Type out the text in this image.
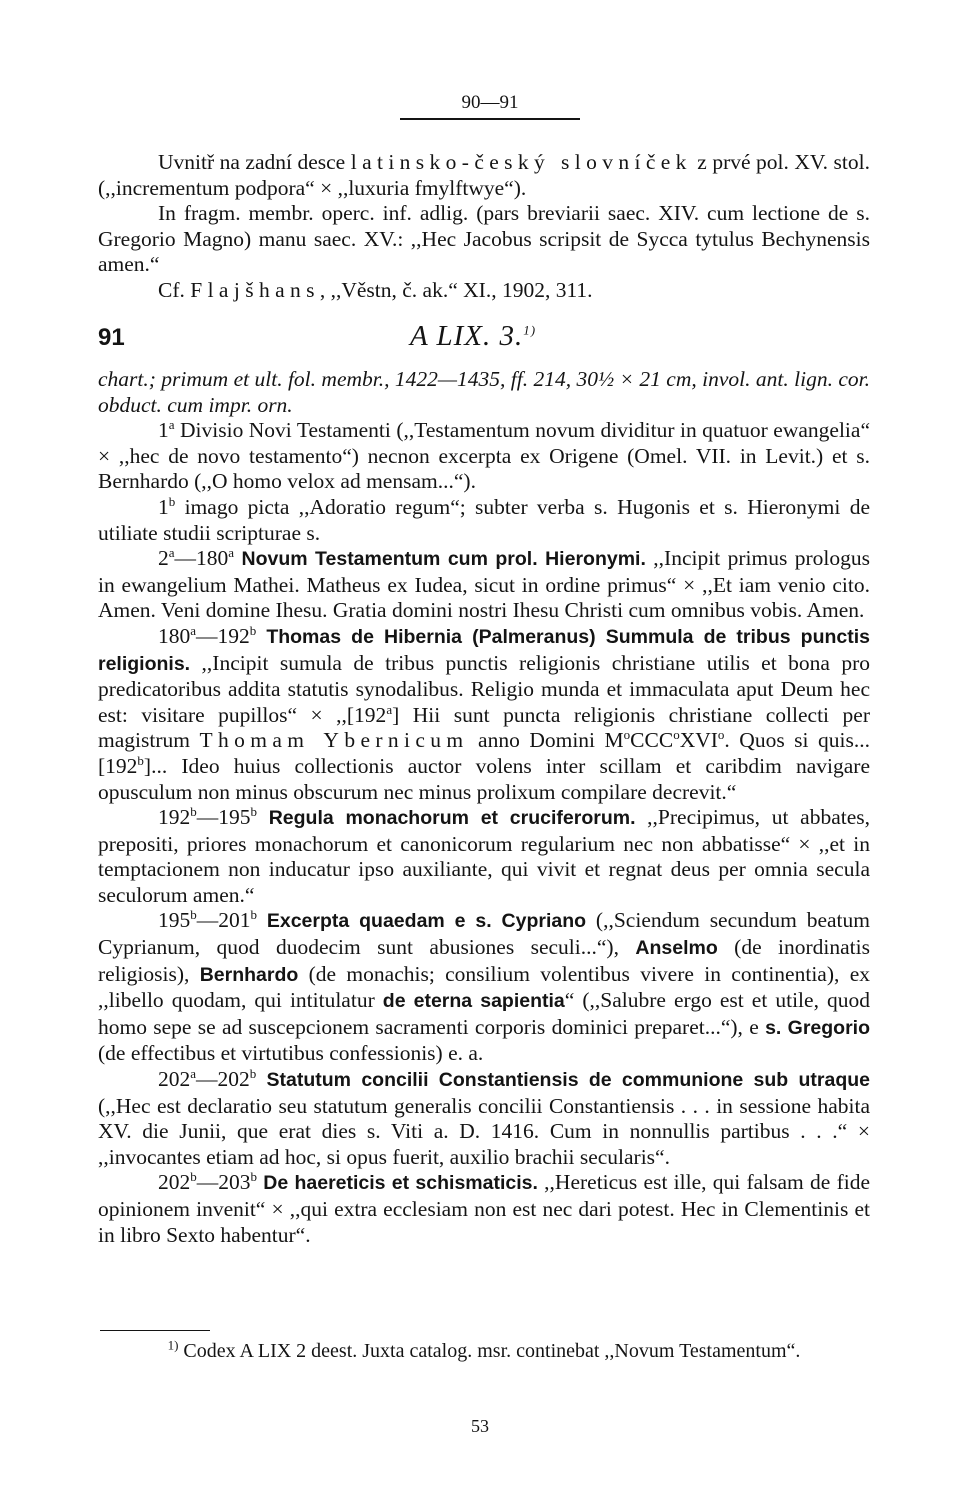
90—91

Uvnitř na zadní desce latinsko-český slovníček z prvé pol. XV. stol. (,,incrementum podpora“ × ,,luxuria fmylftwye“).

In fragm. membr. operc. inf. adlig. (pars breviarii saec. XIV. cum lectione de s. Gregorio Magno) manu saec. XV.: ,,Hec Jacobus scripsit de Sycca tytulus Bechynensis amen.“

Cf. Flajšhans, ,,Věstn, č. ak.“ XI., 1902, 311.

91	A LIX. 3.$^{1)}$

chart.; primum et ult. fol. membr., 1422—1435, ff. 214, 30½ × 21 cm, invol. ant. lign. cor. obduct. cum impr. orn.

1$^a$ Divisio Novi Testamenti (,,Testamentum novum dividitur in quatuor ewangelia“ × ,,hec de novo testamento“) necnon excerpta ex Origene (Omel. VII. in Levit.) et s. Bernhardo (,,O homo velox ad mensam...“).

1$^b$ imago picta ,,Adoratio regum“; subter verba s. Hugonis et s. Hieronymi de utiliate studii scripturae s.

2$^a$—180$^a$ Novum Testamentum cum prol. Hieronymi. ,,Incipit primus prologus in ewangelium Mathei. Matheus ex Iudea, sicut in ordine primus“ × ,,Et iam venio cito. Amen. Veni domine Ihesu. Gratia domini nostri Ihesu Christi cum omnibus vobis. Amen.

180$^a$—192$^b$ Thomas de Hibernia (Palmeranus) Summula de tribus punctis religionis. ,,Incipit sumula de tribus punctis religionis christiane utilis et bona pro predicatoribus addita statutis synodalibus. Religio munda et immaculata aput Deum hec est: visitare pupillos“ × $,,[192^a]$ Hii sunt puncta religionis christiane collecti per magistrum Thomam Ybernicum anno Domini $M^oCCC^oXVI^o$. Quos si quis... [192$^b$]... Ideo huius collectionis auctor volens inter scillam et caribdim navigare opusculum non minus obscurum nec minus prolixum compilare decrevit.“

192$^b$—195$^b$ Regula monachorum et cruciferorum. ,,Precipimus, ut abbates, prepositi, priores monachorum et canonicorum regularium nec non abbatisse“ × ,,et in temptacionem non inducatur ipso auxiliante, qui vivit et regnat deus per omnia secula seculorum amen.“

195$^b$—201$^b$ Excerpta quaedam e s. Cypriano (,,Sciendum secundum beatum Cyprianum, quod duodecim sunt abusiones seculi...“), Anselmo (de inordinatis religiosis), Bernhardo (de monachis; consilium volentibus vivere in continentia), ex ,,libello quodam, qui intitulatur de eterna sapientia“ (,,Salubre ergo est et utile, quod homo sepe se ad suscepcionem sacramenti corporis dominici preparet...“), e s. Gregorio (de effectibus et virtutibus confessionis) e. a.

202$^a$—202$^b$ Statutum concilii Constantiensis de communione sub utraque (,,Hec est declaratio seu statutum generalis concilii Constantiensis . . . in sessione habita XV. die Junii, que erat dies s. Viti a. D. 1416. Cum in nonnullis partibus . . .“ × ,,invocantes etiam ad hoc, si opus fuerit, auxilio brachii secularis“.

202$^b$—203$^b$ De haereticis et schismaticis. ,,Hereticus est ille, qui falsam de fide opinionem invenit“ × ,,qui extra ecclesiam non est nec dari potest. Hec in Clementinis et in libro Sexto habentur“.

$^{1)}$ Codex A LIX 2 deest. Juxta catalog. msr. continebat ,,Novum Testamentum“.
53
